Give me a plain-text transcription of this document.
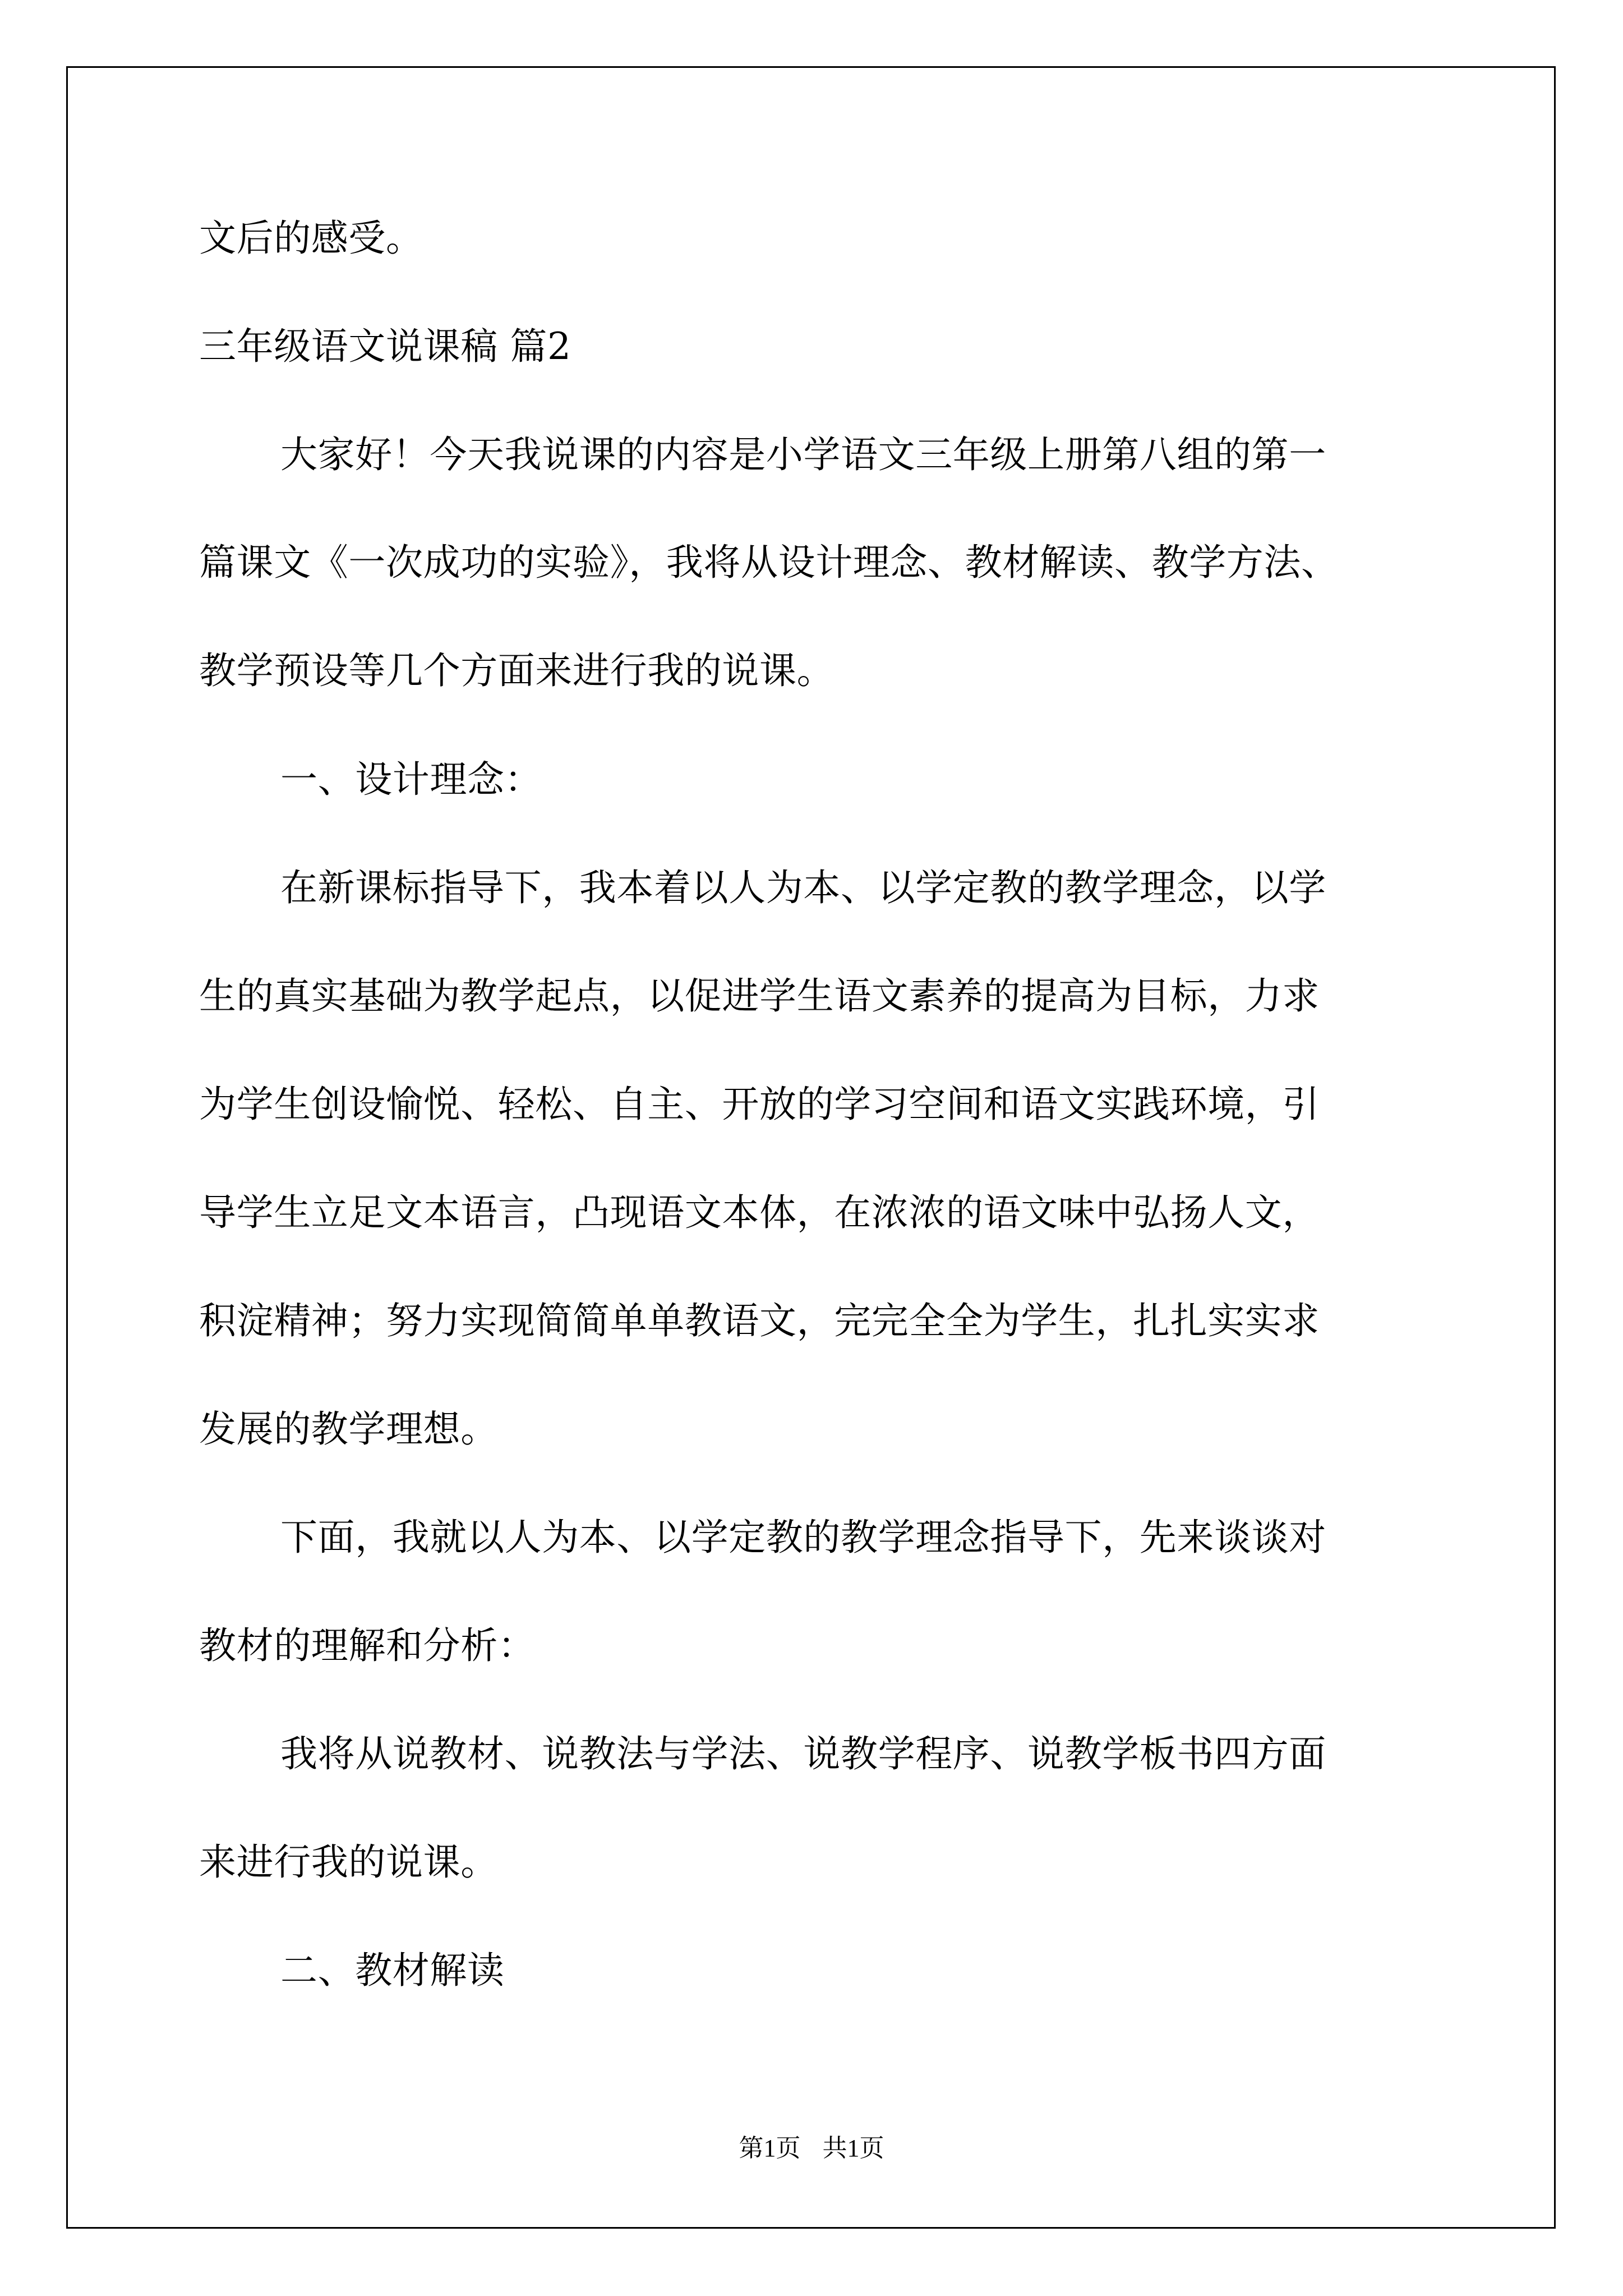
文后的感受。
三年级语文说课稿 篇2
大家好！今天我说课的内容是小学语文三年级上册第八组的第一
篇课文《一次成功的实验》，我将从设计理念、教材解读、教学方法、
教学预设等几个方面来进行我的说课。
一、设计理念：
在新课标指导下，我本着以人为本、以学定教的教学理念，以学
生的真实基础为教学起点，以促进学生语文素养的提高为目标，力求
为学生创设愉悦、轻松、自主、开放的学习空间和语文实践环境，引
导学生立足文本语言，凸现语文本体，在浓浓的语文味中弘扬人文，
积淀精神；努力实现简简单单教语文，完完全全为学生，扎扎实实求
发展的教学理想。
下面，我就以人为本、以学定教的教学理念指导下，先来谈谈对
教材的理解和分析：
我将从说教材、说教法与学法、说教学程序、说教学板书四方面
来进行我的说课。
二、教材解读
第1页 共1页
